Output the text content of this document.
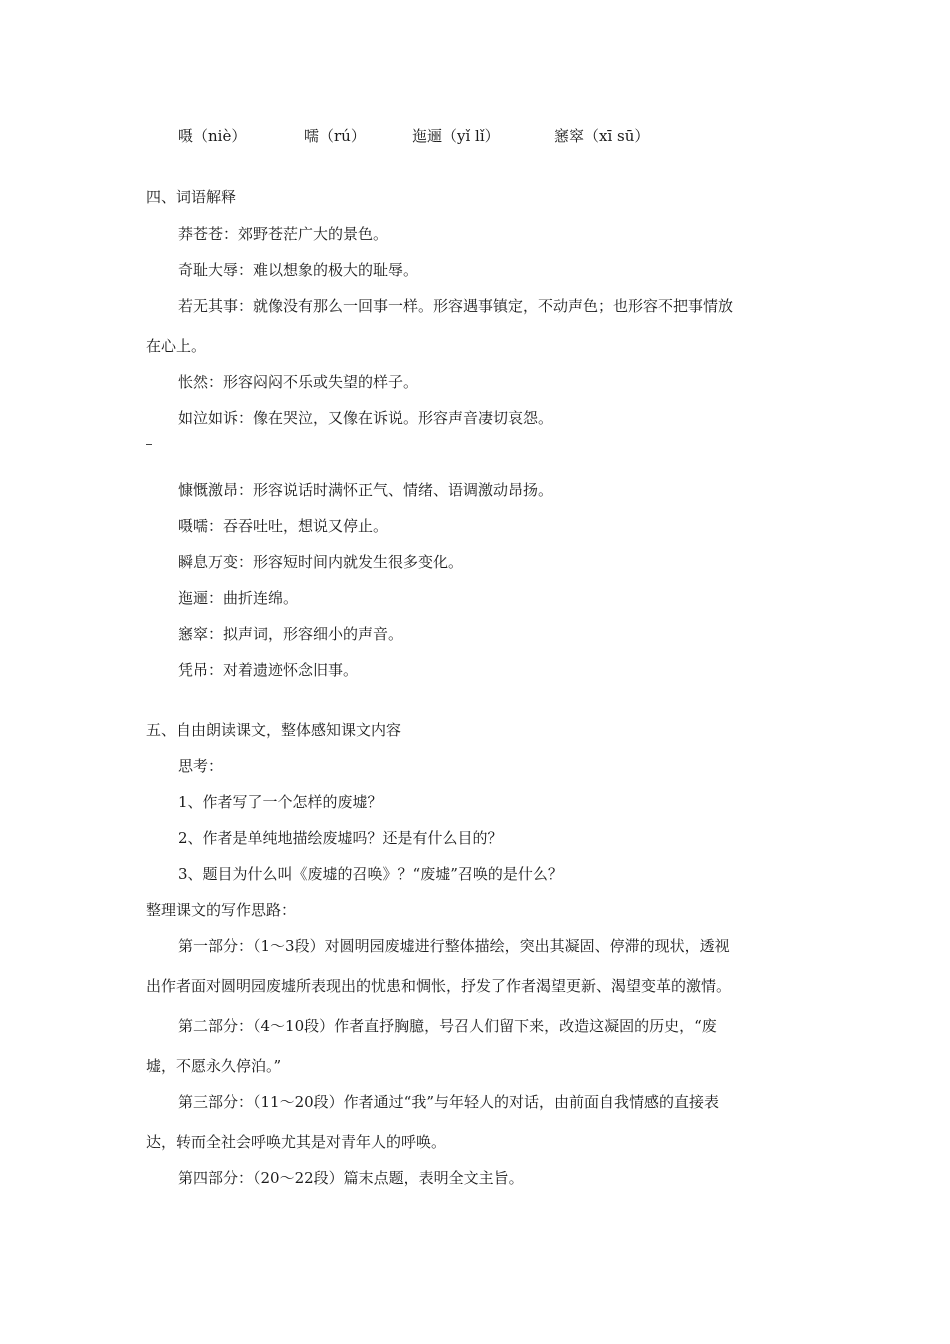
嗫（niè）	嚅（rú）	迤逦（yǐ lǐ）	窸窣（xī sū）
四、词语解释
莽苍苍：郊野苍茫广大的景色。
奇耻大辱：难以想象的极大的耻辱。
若无其事：就像没有那么一回事一样。形容遇事镇定，不动声色；也形容不把事情放
在心上。
怅然：形容闷闷不乐或失望的样子。
如泣如诉：像在哭泣，又像在诉说。形容声音凄切哀怨。
慷慨激昂：形容说话时满怀正气、情绪、语调激动昂扬。
嗫嚅：吞吞吐吐，想说又停止。
瞬息万变：形容短时间内就发生很多变化。
迤逦：曲折连绵。
窸窣：拟声词，形容细小的声音。
凭吊：对着遗迹怀念旧事。
五、自由朗读课文，整体感知课文内容
思考：
1、作者写了一个怎样的废墟？
2、作者是单纯地描绘废墟吗？还是有什么目的？
3、题目为什么叫《废墟的召唤》？“废墟”召唤的是什么？
整理课文的写作思路：
第一部分：（1～3段）对圆明园废墟进行整体描绘，突出其凝固、停滞的现状，透视
出作者面对圆明园废墟所表现出的忧患和惆怅，抒发了作者渴望更新、渴望变革的激情。
第二部分：（4～10段）作者直抒胸臆，号召人们留下来，改造这凝固的历史，“废
墟，不愿永久停泊。”
第三部分：（11～20段）作者通过“我”与年轻人的对话，由前面自我情感的直接表
达，转而全社会呼唤尤其是对青年人的呼唤。
第四部分：（20～22段）篇末点题，表明全文主旨。
